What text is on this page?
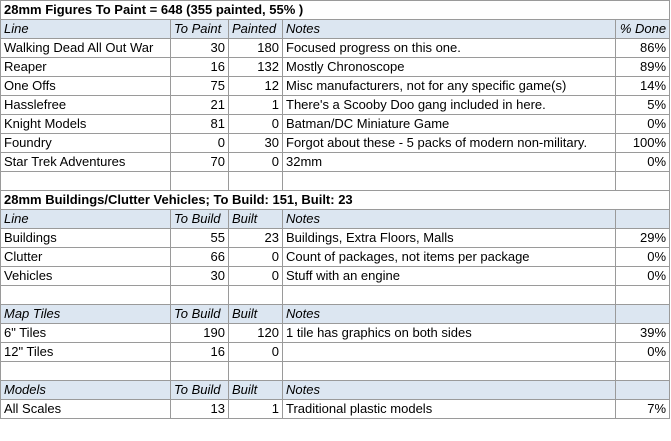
28mm Figures To Paint = 648 (355 painted, 55% )				
Line	To Paint	Painted	Notes	% Done
Walking Dead All Out War	30	180	Focused progress on this one.	86%
Reaper	16	132	Mostly Chronoscope	89%
One Offs	75	12	Misc manufacturers, not for any specific game(s)	14%
Hasslefree	21	1	There's a Scooby Doo gang included in here.	5%
Knight Models	81	0	Batman/DC Miniature Game	0%
Foundry	0	30	Forgot about these - 5 packs of modern non-military.	100%
Star Trek Adventures	70	0	32mm	0%

28mm Buildings/Clutter Vehicles; To Build: 151, Built: 23				
Line	To Build	Built	Notes	
Buildings	55	23	Buildings, Extra Floors, Malls	29%
Clutter	66	0	Count of packages, not items per package	0%
Vehicles	30	0	Stuff with an engine	0%

Map Tiles	To Build	Built	Notes	
6" Tiles	190	120	1 tile has graphics on both sides	39%
12" Tiles	16	0		0%

Models	To Build	Built	Notes	
All Scales	13	1	Traditional plastic models	7%
